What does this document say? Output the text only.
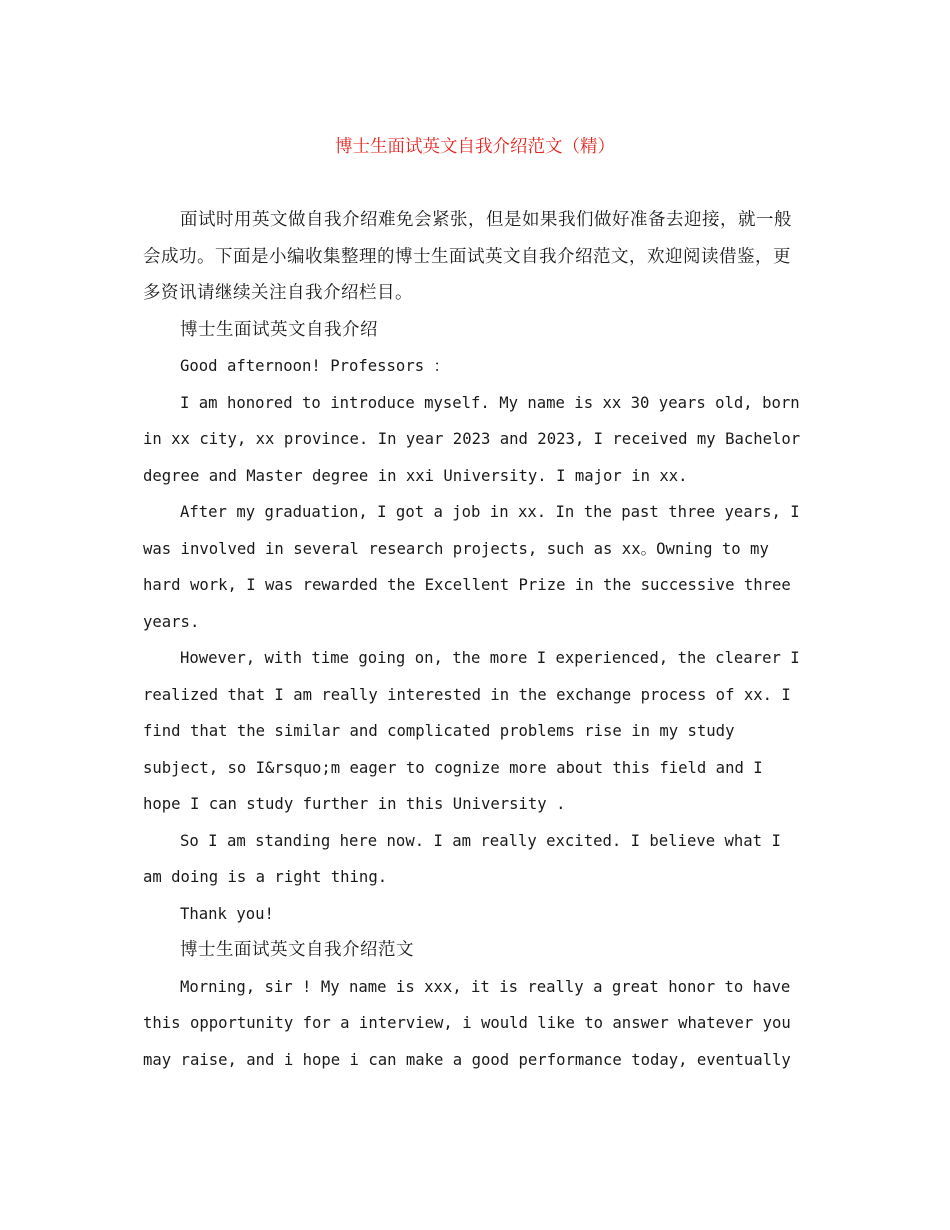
博士生面试英文自我介绍范文（精）

面试时用英文做自我介绍难免会紧张，但是如果我们做好准备去迎接，就一般会成功。下面是小编收集整理的博士生面试英文自我介绍范文，欢迎阅读借鉴，更多资讯请继续关注自我介绍栏目。

博士生面试英文自我介绍

Good afternoon! Professors ：

I am honored to introduce myself. My name is xx 30 years old, born in xx city, xx province. In year 2023 and 2023, I received my Bachelor degree and Master degree in xxi University. I major in xx.

After my graduation, I got a job in xx. In the past three years, I was involved in several research projects, such as xx。Owning to my hard work, I was rewarded the Excellent Prize in the successive three years.

However, with time going on, the more I experienced, the clearer I realized that I am really interested in the exchange process of xx. I find that the similar and complicated problems rise in my study subject, so I&rsquo;m eager to cognize more about this field and I hope I can study further in this University .

So I am standing here now. I am really excited. I believe what I am doing is a right thing.

Thank you!

博士生面试英文自我介绍范文

Morning, sir ! My name is xxx, it is really a great honor to have this opportunity for a interview, i would like to answer whatever you may raise, and i hope i can make a good performance today, eventually
